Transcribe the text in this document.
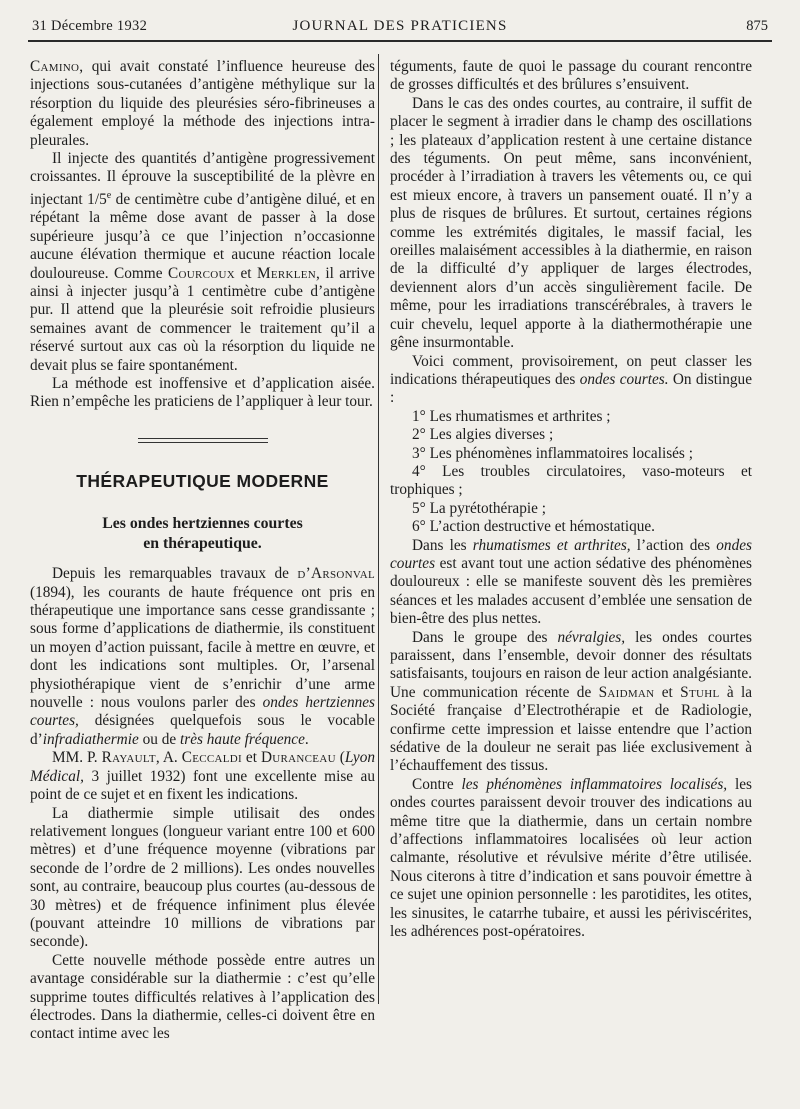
31 Décembre 1932	JOURNAL DES PRATICIENS	875

Camino, qui avait constaté l’influence heureuse des injections sous-cutanées d’antigène méthylique sur la résorption du liquide des pleurésies séro-fibrineuses a également employé la méthode des injections intra-pleurales.

Il injecte des quantités d’antigène progressivement croissantes. Il éprouve la susceptibilité de la plèvre en injectant 1/5e de centimètre cube d’antigène dilué, et en répétant la même dose avant de passer à la dose supérieure jusqu’à ce que l’injection n’occasionne aucune élévation thermique et aucune réaction locale douloureuse. Comme Courcoux et Merklen, il arrive ainsi à injecter jusqu’à 1 centimètre cube d’antigène pur. Il attend que la pleurésie soit refroidie plusieurs semaines avant de commencer le traitement qu’il a réservé surtout aux cas où la résorption du liquide ne devait plus se faire spontanément.

La méthode est inoffensive et d’application aisée. Rien n’empêche les praticiens de l’appliquer à leur tour.

THÉRAPEUTIQUE MODERNE
Les ondes hertziennes courtes
en thérapeutique.

Depuis les remarquables travaux de d’Arsonval (1894), les courants de haute fréquence ont pris en thérapeutique une importance sans cesse grandissante ; sous forme d’applications de diathermie, ils constituent un moyen d’action puissant, facile à mettre en œuvre, et dont les indications sont multiples. Or, l’arsenal physiothérapique vient de s’enrichir d’une arme nouvelle : nous voulons parler des ondes hertziennes courtes, désignées quelquefois sous le vocable d’infradiathermie ou de très haute fréquence.

MM. P. Rayault, A. Ceccaldi et Duranceau (Lyon Médical, 3 juillet 1932) font une excellente mise au point de ce sujet et en fixent les indications.

La diathermie simple utilisait des ondes relativement longues (longueur variant entre 100 et 600 mètres) et d’une fréquence moyenne (vibrations par seconde de l’ordre de 2 millions). Les ondes nouvelles sont, au contraire, beaucoup plus courtes (au-dessous de 30 mètres) et de fréquence infiniment plus élevée (pouvant atteindre 10 millions de vibrations par seconde).

Cette nouvelle méthode possède entre autres un avantage considérable sur la diathermie : c’est qu’elle supprime toutes difficultés relatives à l’application des électrodes. Dans la diathermie, celles-ci doivent être en contact intime avec les

téguments, faute de quoi le passage du courant rencontre de grosses difficultés et des brûlures s’ensuivent.

Dans le cas des ondes courtes, au contraire, il suffit de placer le segment à irradier dans le champ des oscillations ; les plateaux d’application restent à une certaine distance des téguments. On peut même, sans inconvénient, procéder à l’irradiation à travers les vêtements ou, ce qui est mieux encore, à travers un pansement ouaté. Il n’y a plus de risques de brûlures. Et surtout, certaines régions comme les extrémités digitales, le massif facial, les oreilles malaisément accessibles à la diathermie, en raison de la difficulté d’y appliquer de larges électrodes, deviennent alors d’un accès singulièrement facile. De même, pour les irradiations transcérébrales, à travers le cuir chevelu, lequel apporte à la diathermothérapie une gêne insurmontable.

Voici comment, provisoirement, on peut classer les indications thérapeutiques des ondes courtes. On distingue :

1° Les rhumatismes et arthrites ;

2° Les algies diverses ;

3° Les phénomènes inflammatoires localisés ;

4° Les troubles circulatoires, vaso-moteurs et trophiques ;

5° La pyrétothérapie ;

6° L’action destructive et hémostatique.

Dans les rhumatismes et arthrites, l’action des ondes courtes est avant tout une action sédative des phénomènes douloureux : elle se manifeste souvent dès les premières séances et les malades accusent d’emblée une sensation de bien-être des plus nettes.

Dans le groupe des névralgies, les ondes courtes paraissent, dans l’ensemble, devoir donner des résultats satisfaisants, toujours en raison de leur action analgésiante. Une communication récente de Saidman et Stuhl à la Société française d’Electrothérapie et de Radiologie, confirme cette impression et laisse entendre que l’action sédative de la douleur ne serait pas liée exclusivement à l’échauffement des tissus.

Contre les phénomènes inflammatoires localisés, les ondes courtes paraissent devoir trouver des indications au même titre que la diathermie, dans un certain nombre d’affections inflammatoires localisées où leur action calmante, résolutive et révulsive mérite d’être utilisée. Nous citerons à titre d’indication et sans pouvoir émettre à ce sujet une opinion personnelle : les parotidites, les otites, les sinusites, le catarrhe tubaire, et aussi les périviscérites, les adhérences post-opératoires.
